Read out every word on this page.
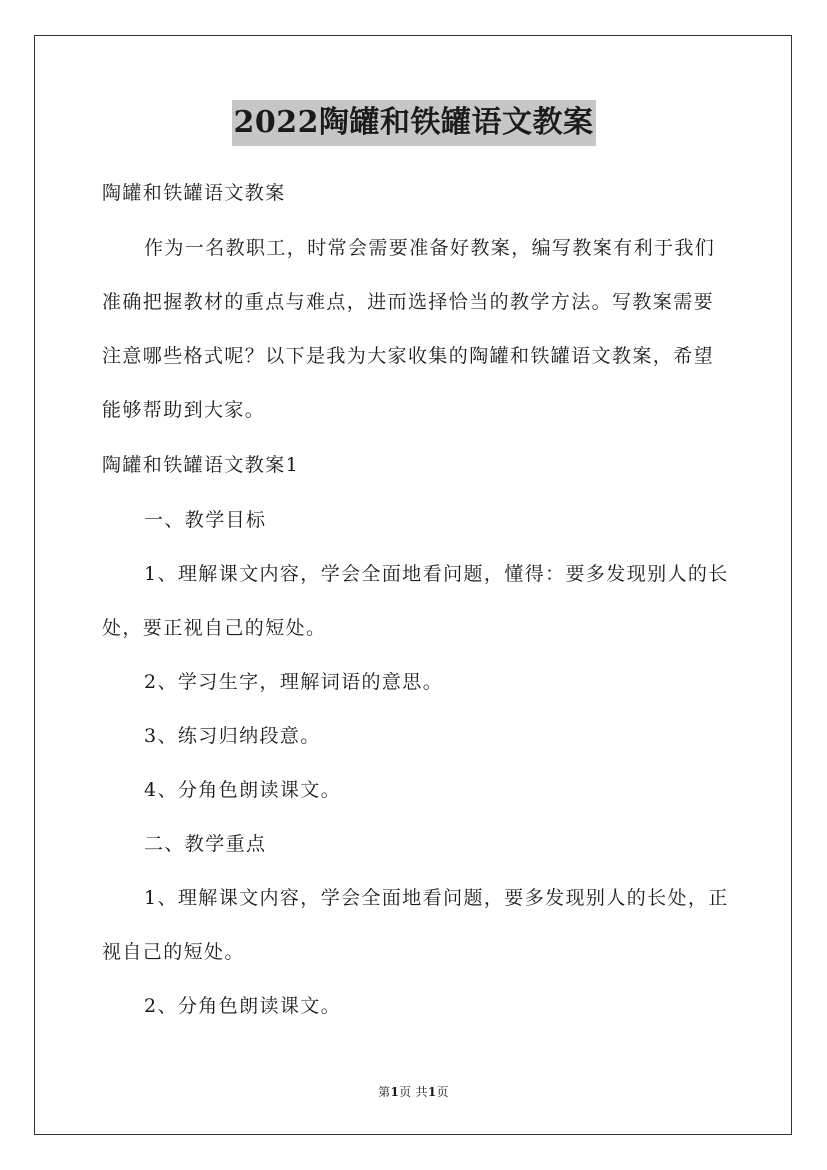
2022陶罐和铁罐语文教案

陶罐和铁罐语文教案

作为一名教职工，时常会需要准备好教案，编写教案有利于我们

准确把握教材的重点与难点，进而选择恰当的教学方法。写教案需要

注意哪些格式呢？以下是我为大家收集的陶罐和铁罐语文教案，希望

能够帮助到大家。

陶罐和铁罐语文教案1

一、教学目标

1、理解课文内容，学会全面地看问题，懂得：要多发现别人的长

处，要正视自己的短处。

2、学习生字，理解词语的意思。

3、练习归纳段意。

4、分角色朗读课文。

二、教学重点

1、理解课文内容，学会全面地看问题，要多发现别人的长处，正

视自己的短处。

2、分角色朗读课文。

第1页 共1页
